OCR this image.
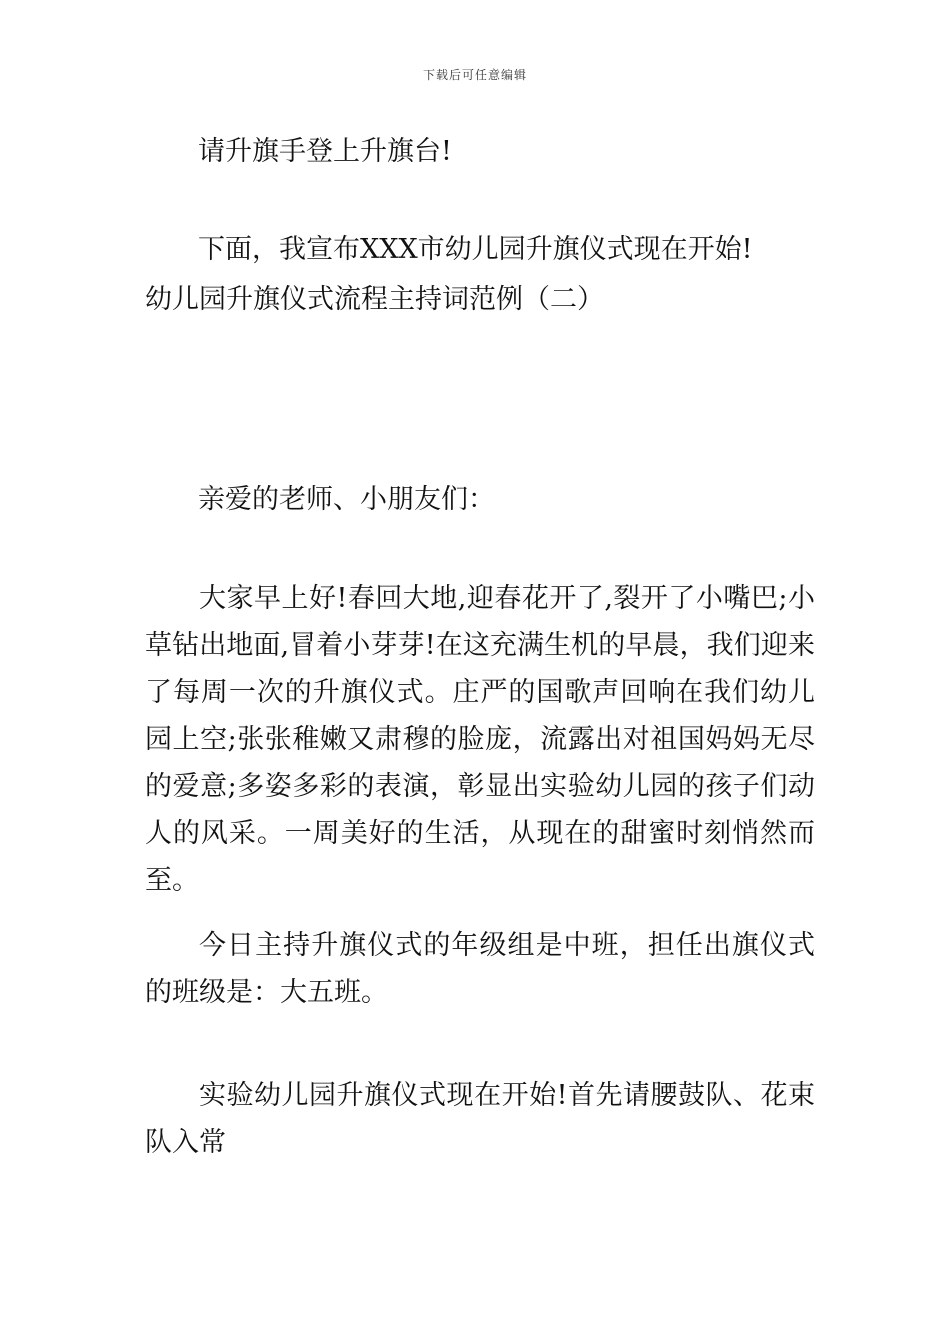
下载后可任意编辑
请升旗手登上升旗台!
下面，我宣布XXX市幼儿园升旗仪式现在开始!
幼儿园升旗仪式流程主持词范例（二）
亲爱的老师、小朋友们：
大家早上好!春回大地,迎春花开了,裂开了小嘴巴;小草钻出地面,冒着小芽芽!在这充满生机的早晨，我们迎来了每周一次的升旗仪式。庄严的国歌声回响在我们幼儿园上空;张张稚嫩又肃穆的脸庞，流露出对祖国妈妈无尽的爱意;多姿多彩的表演，彰显出实验幼儿园的孩子们动人的风采。一周美好的生活，从现在的甜蜜时刻悄然而至。
今日主持升旗仪式的年级组是中班，担任出旗仪式的班级是：大五班。
实验幼儿园升旗仪式现在开始!首先请腰鼓队、花束队入常
